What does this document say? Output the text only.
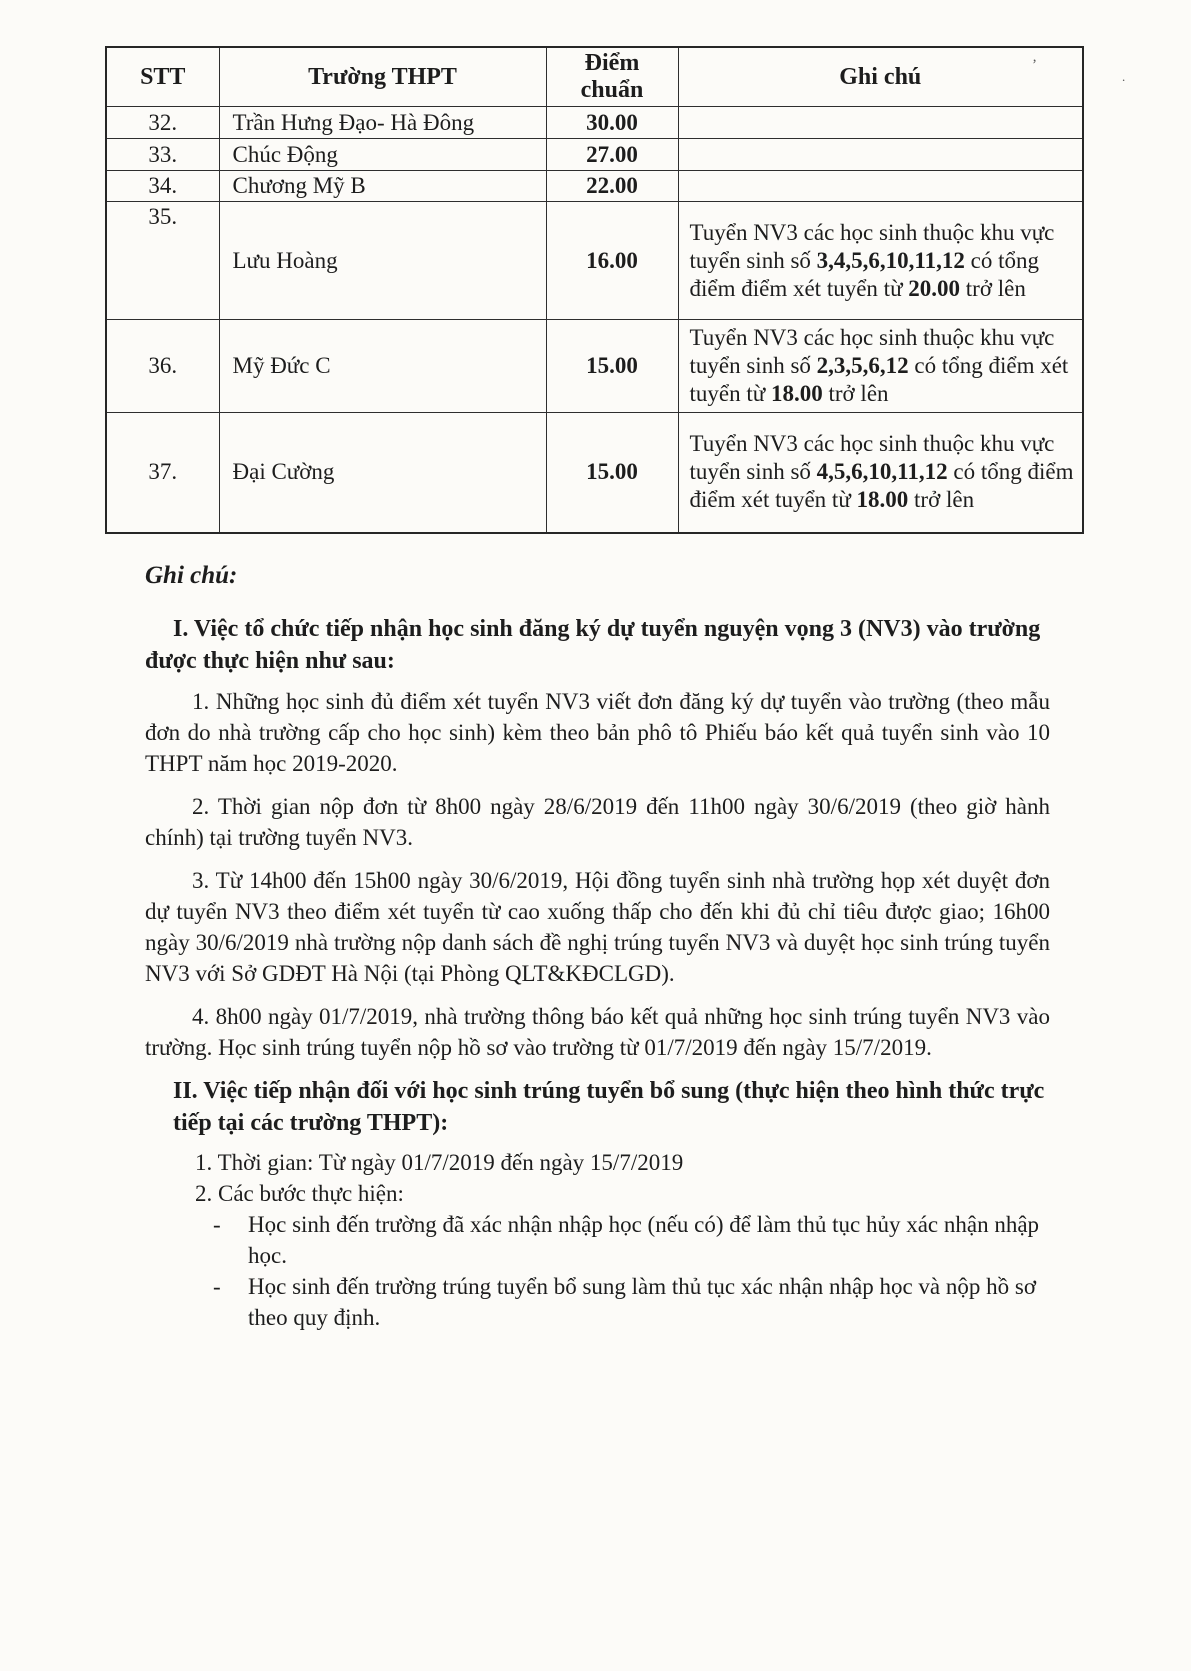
’
.
STT	Trường THPT	Điểm chuẩn	Ghi chú
32.	Trần Hưng Đạo- Hà Đông	30.00	
33.	Chúc Động	27.00	
34.	Chương Mỹ B	22.00	
35.	Lưu Hoàng	16.00	Tuyển NV3 các học sinh thuộc khu vực tuyển sinh số 3,4,5,6,10,11,12 có tổng điểm điểm xét tuyển từ 20.00 trở lên
36.	Mỹ Đức C	15.00	Tuyển NV3 các học sinh thuộc khu vực tuyển sinh số 2,3,5,6,12 có tổng điểm xét tuyển từ 18.00 trở lên
37.	Đại Cường	15.00	Tuyển NV3 các học sinh thuộc khu vực tuyển sinh số 4,5,6,10,11,12 có tổng điểm điểm xét tuyển từ 18.00 trở lên
Ghi chú:
I. Việc tổ chức tiếp nhận học sinh đăng ký dự tuyển nguyện vọng 3 (NV3) vào trường được thực hiện như sau:

1. Những học sinh đủ điểm xét tuyển NV3 viết đơn đăng ký dự tuyển vào trường (theo mẫu đơn do nhà trường cấp cho học sinh) kèm theo bản phô tô Phiếu báo kết quả tuyển sinh vào 10 THPT năm học 2019-2020.

2. Thời gian nộp đơn từ 8h00 ngày 28/6/2019 đến 11h00 ngày 30/6/2019 (theo giờ hành chính) tại trường tuyển NV3.

3. Từ 14h00 đến 15h00 ngày 30/6/2019, Hội đồng tuyển sinh nhà trường họp xét duyệt đơn dự tuyển NV3 theo điểm xét tuyển từ cao xuống thấp cho đến khi đủ chỉ tiêu được giao; 16h00 ngày 30/6/2019 nhà trường nộp danh sách đề nghị trúng tuyển NV3 và duyệt học sinh trúng tuyển NV3 với Sở GDĐT Hà Nội (tại Phòng QLT&KĐCLGD).

4. 8h00 ngày 01/7/2019, nhà trường thông báo kết quả những học sinh trúng tuyển NV3 vào trường. Học sinh trúng tuyển nộp hồ sơ vào trường từ 01/7/2019 đến ngày 15/7/2019.

II. Việc tiếp nhận đối với học sinh trúng tuyển bổ sung (thực hiện theo hình thức trực tiếp tại các trường THPT):
1. Thời gian: Từ ngày 01/7/2019 đến ngày 15/7/2019
2. Các bước thực hiện:
-	Học sinh đến trường đã xác nhận nhập học (nếu có) để làm thủ tục hủy xác nhận nhập học.
-	Học sinh đến trường trúng tuyển bổ sung làm thủ tục xác nhận nhập học và nộp hồ sơ theo quy định.
